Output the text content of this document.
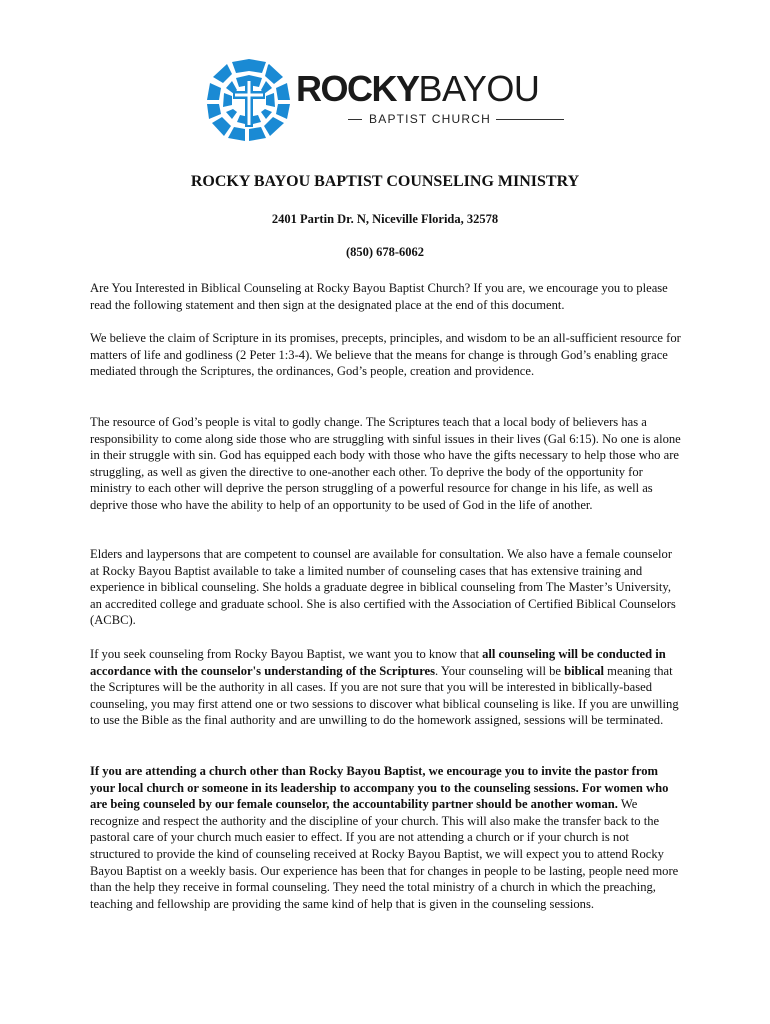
ROCKYBAYOU
BAPTIST CHURCH
ROCKY BAYOU BAPTIST COUNSELING MINISTRY
2401 Partin Dr. N, Niceville Florida, 32578
(850) 678-6062

Are You Interested in Biblical Counseling at Rocky Bayou Baptist Church? If you are, we encourage you to please read the following statement and then sign at the designated place at the end of this document.

We believe the claim of Scripture in its promises, precepts, principles, and wisdom to be an all-sufficient resource for matters of life and godliness (2 Peter 1:3-4). We believe that the means for change is through God’s enabling grace mediated through the Scriptures, the ordinances, God’s people, creation and providence.

The resource of God’s people is vital to godly change. The Scriptures teach that a local body of believers has a responsibility to come along side those who are struggling with sinful issues in their lives (Gal 6:15). No one is alone in their struggle with sin. God has equipped each body with those who have the gifts necessary to help those who are struggling, as well as given the directive to one-another each other. To deprive the body of the opportunity for ministry to each other will deprive the person struggling of a powerful resource for change in his life, as well as deprive those who have the ability to help of an opportunity to be used of God in the life of another.

Elders and laypersons that are competent to counsel are available for consultation. We also have a female counselor at Rocky Bayou Baptist available to take a limited number of counseling cases that has extensive training and experience in biblical counseling. She holds a graduate degree in biblical counseling from The Master’s University, an accredited college and graduate school. She is also certified with the Association of Certified Biblical Counselors (ACBC).

If you seek counseling from Rocky Bayou Baptist, we want you to know that all counseling will be conducted in accordance with the counselor's understanding of the Scriptures. Your counseling will be biblical meaning that the Scriptures will be the authority in all cases. If you are not sure that you will be interested in biblically-based counseling, you may first attend one or two sessions to discover what biblical counseling is like. If you are unwilling to use the Bible as the final authority and are unwilling to do the homework assigned, sessions will be terminated.

If you are attending a church other than Rocky Bayou Baptist, we encourage you to invite the pastor from your local church or someone in its leadership to accompany you to the counseling sessions. For women who are being counseled by our female counselor, the accountability partner should be another woman. We recognize and respect the authority and the discipline of your church. This will also make the transfer back to the pastoral care of your church much easier to effect. If you are not attending a church or if your church is not structured to provide the kind of counseling received at Rocky Bayou Baptist, we will expect you to attend Rocky Bayou Baptist on a weekly basis. Our experience has been that for changes in people to be lasting, people need more than the help they receive in formal counseling. They need the total ministry of a church in which the preaching, teaching and fellowship are providing the same kind of help that is given in the counseling sessions.
